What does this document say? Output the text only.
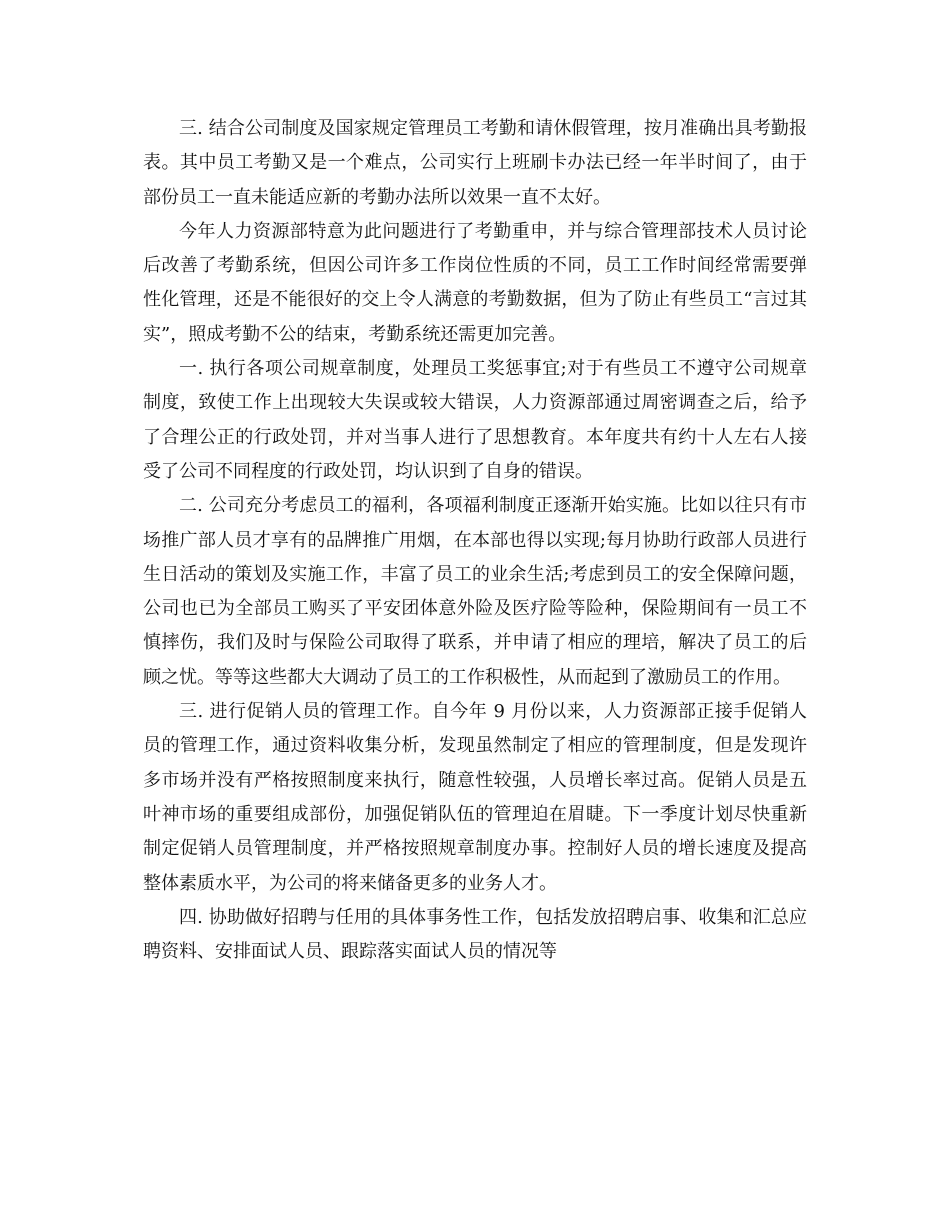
三. 结合公司制度及国家规定管理员工考勤和请休假管理，按月准确出具考勤报表。其中员工考勤又是一个难点，公司实行上班刷卡办法已经一年半时间了，由于部份员工一直未能适应新的考勤办法所以效果一直不太好。

今年人力资源部特意为此问题进行了考勤重申，并与综合管理部技术人员讨论后改善了考勤系统，但因公司许多工作岗位性质的不同，员工工作时间经常需要弹性化管理，还是不能很好的交上令人满意的考勤数据，但为了防止有些员工“言过其实”，照成考勤不公的结束，考勤系统还需更加完善。

一. 执行各项公司规章制度，处理员工奖惩事宜;对于有些员工不遵守公司规章制度，致使工作上出现较大失误或较大错误，人力资源部通过周密调查之后，给予了合理公正的行政处罚，并对当事人进行了思想教育。本年度共有约十人左右人接受了公司不同程度的行政处罚，均认识到了自身的错误。

二. 公司充分考虑员工的福利，各项福利制度正逐渐开始实施。比如以往只有市场推广部人员才享有的品牌推广用烟，在本部也得以实现;每月协助行政部人员进行生日活动的策划及实施工作，丰富了员工的业余生活;考虑到员工的安全保障问题，公司也已为全部员工购买了平安团体意外险及医疗险等险种，保险期间有一员工不慎摔伤，我们及时与保险公司取得了联系，并申请了相应的理培，解决了员工的后顾之忧。等等这些都大大调动了员工的工作积极性，从而起到了激励员工的作用。

三. 进行促销人员的管理工作。自今年 9 月份以来，人力资源部正接手促销人员的管理工作，通过资料收集分析，发现虽然制定了相应的管理制度，但是发现许多市场并没有严格按照制度来执行，随意性较强，人员增长率过高。促销人员是五叶神市场的重要组成部份，加强促销队伍的管理迫在眉睫。下一季度计划尽快重新制定促销人员管理制度，并严格按照规章制度办事。控制好人员的增长速度及提高整体素质水平，为公司的将来储备更多的业务人才。

四. 协助做好招聘与任用的具体事务性工作，包括发放招聘启事、收集和汇总应聘资料、安排面试人员、跟踪落实面试人员的情况等
